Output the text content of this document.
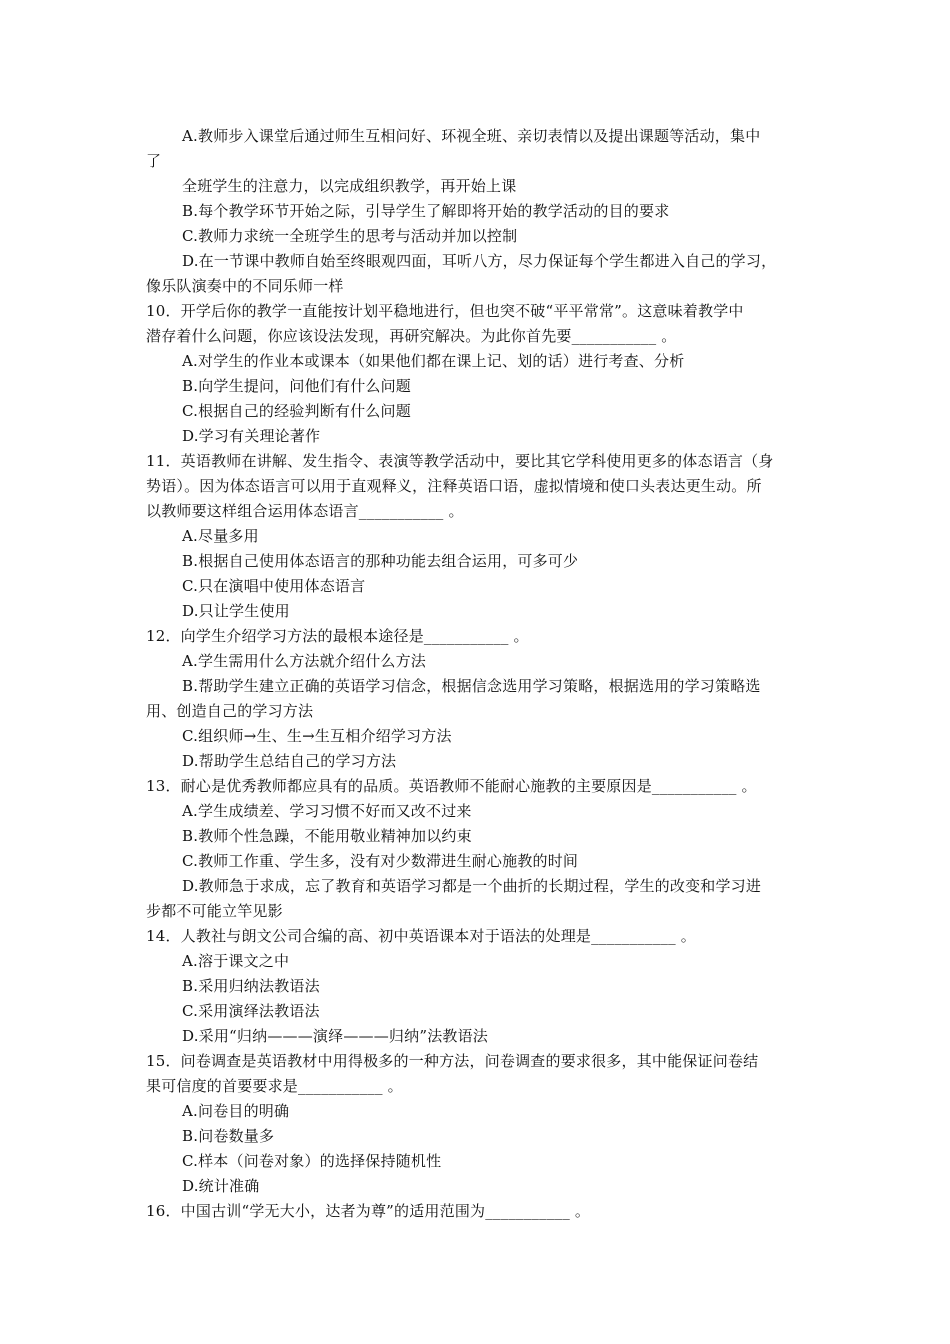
A.教师步入课堂后通过师生互相问好、环视全班、亲切表情以及提出课题等活动，集中
了
全班学生的注意力，以完成组织教学，再开始上课
B.每个教学环节开始之际，引导学生了解即将开始的教学活动的目的要求
C.教师力求统一全班学生的思考与活动并加以控制
D.在一节课中教师自始至终眼观四面，耳听八方，尽力保证每个学生都进入自己的学习，
像乐队演奏中的不同乐师一样
10．开学后你的教学一直能按计划平稳地进行，但也突不破“平平常常”。这意味着教学中
潜存着什么问题，你应该设法发现，再研究解决。为此你首先要___________ 。
A.对学生的作业本或课本（如果他们都在课上记、划的话）进行考查、分析
B.向学生提问，问他们有什么问题
C.根据自己的经验判断有什么问题
D.学习有关理论著作
11．英语教师在讲解、发生指令、表演等教学活动中，要比其它学科使用更多的体态语言（身
势语）。因为体态语言可以用于直观释义，注释英语口语，虚拟情境和使口头表达更生动。所
以教师要这样组合运用体态语言___________ 。
A.尽量多用
B.根据自己使用体态语言的那种功能去组合运用，可多可少
C.只在演唱中使用体态语言
D.只让学生使用
12．向学生介绍学习方法的最根本途径是___________ 。
A.学生需用什么方法就介绍什么方法
B.帮助学生建立正确的英语学习信念，根据信念选用学习策略，根据选用的学习策略选
用、创造自己的学习方法
C.组织师→生、生→生互相介绍学习方法
D.帮助学生总结自己的学习方法
13．耐心是优秀教师都应具有的品质。英语教师不能耐心施教的主要原因是___________ 。
A.学生成绩差、学习习惯不好而又改不过来
B.教师个性急躁，不能用敬业精神加以约束
C.教师工作重、学生多，没有对少数滞进生耐心施教的时间
D.教师急于求成，忘了教育和英语学习都是一个曲折的长期过程，学生的改变和学习进
步都不可能立竿见影
14．人教社与朗文公司合编的高、初中英语课本对于语法的处理是___________ 。
A.溶于课文之中
B.采用归纳法教语法
C.采用演绎法教语法
D.采用“归纳———演绎———归纳”法教语法
15．问卷调查是英语教材中用得极多的一种方法，问卷调查的要求很多，其中能保证问卷结
果可信度的首要要求是___________ 。
A.问卷目的明确
B.问卷数量多
C.样本（问卷对象）的选择保持随机性
D.统计准确
16．中国古训“学无大小，达者为尊”的适用范围为___________ 。
